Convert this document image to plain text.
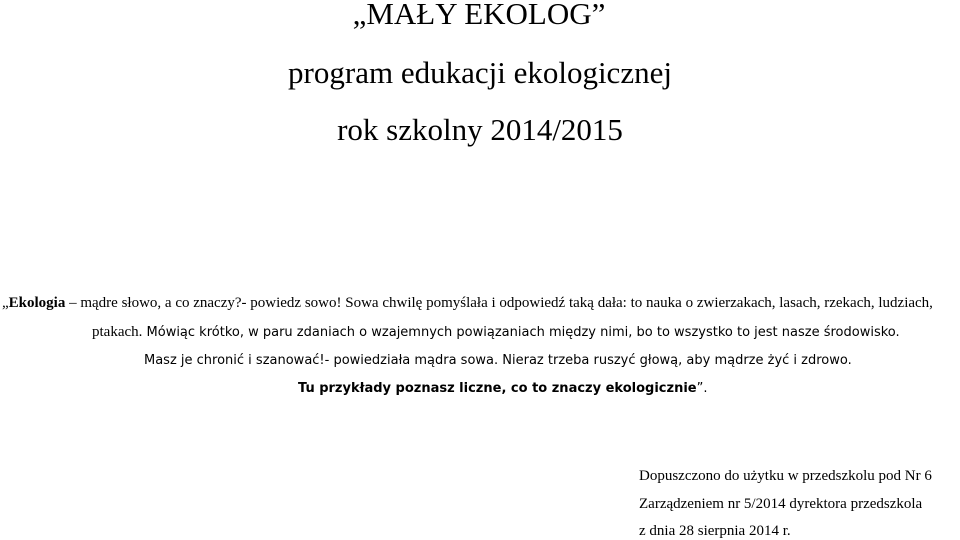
„MAŁY EKOLOG”
program edukacji ekologicznej
rok szkolny 2014/2015
„Ekologia – mądre słowo, a co znaczy?- powiedz sowo! Sowa chwilę pomyślała i odpowiedź taką dała: to nauka o zwierzakach, lasach, rzekach, ludziach,
ptakach. Mówiąc krótko, w paru zdaniach o wzajemnych powiązaniach między nimi, bo to wszystko to jest nasze środowisko.
Masz je chronić i szanować!- powiedziała mądra sowa. Nieraz trzeba ruszyć głową, aby mądrze żyć i zdrowo.
Tu przykłady poznasz liczne, co to znaczy ekologicznie”.
Dopuszczono do użytku w przedszkolu pod Nr 6
Zarządzeniem nr 5/2014 dyrektora przedszkola
z dnia 28 sierpnia 2014 r.
